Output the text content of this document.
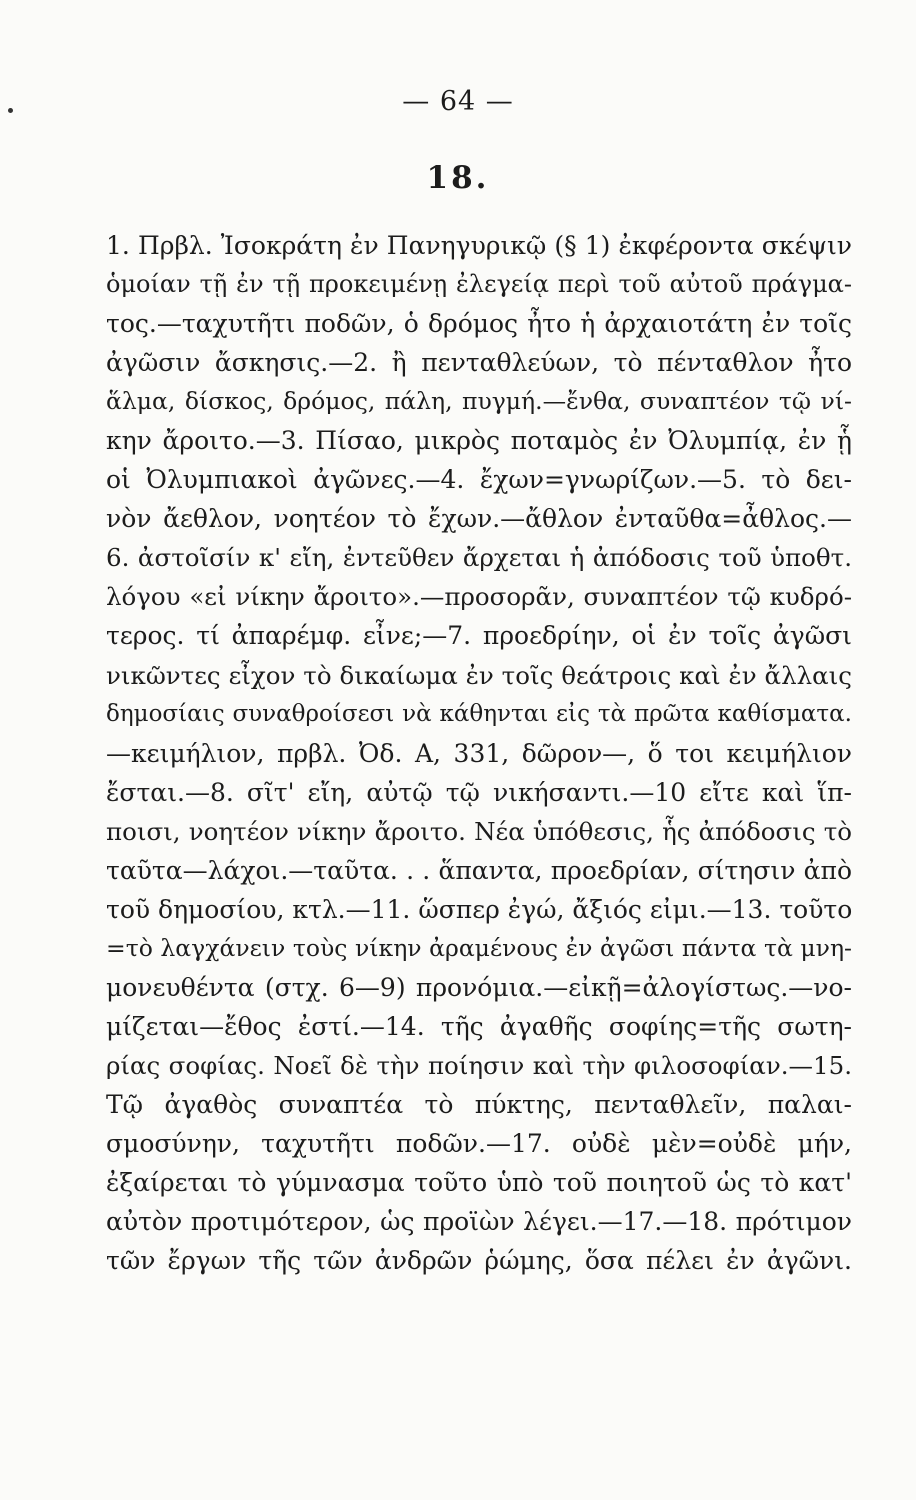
— 64 —
18.
1. Πρβλ. Ἰσοκράτη ἐν Πανηγυρικῷ (§ 1) ἐκφέροντα σκέψιν
ὁμοίαν τῇ ἐν τῇ προκειμένῃ ἐλεγείᾳ περὶ τοῦ αὐτοῦ πράγμα-
τος.—ταχυτῆτι ποδῶν, ὁ δρόμος ἦτο ἡ ἀρχαιοτάτη ἐν τοῖς
ἀγῶσιν ἄσκησις.—2. ἢ πενταθλεύων, τὸ πένταθλον ἦτο
ἅλμα, δίσκος, δρόμος, πάλη, πυγμή.—ἔνθα, συναπτέον τῷ νί-
κην ἄροιτο.—3. Πίσαο, μικρὸς ποταμὸς ἐν Ὀλυμπίᾳ, ἐν ᾗ
οἱ Ὀλυμπιακοὶ ἀγῶνες.—4. ἔχων=γνωρίζων.—5. τὸ δει-
νὸν ἄεθλον, νοητέον τὸ ἔχων.—ἄθλον ἐνταῦθα=ἆθλος.—
6. ἀστοῖσίν κ' εἴη, ἐντεῦθεν ἄρχεται ἡ ἀπόδοσις τοῦ ὑποθτ.
λόγου «εἰ νίκην ἄροιτο».—προσορᾶν, συναπτέον τῷ κυδρό-
τερος. τί ἀπαρέμφ. εἶνε;—7. προεδρίην, οἱ ἐν τοῖς ἀγῶσι
νικῶντες εἶχον τὸ δικαίωμα ἐν τοῖς θεάτροις καὶ ἐν ἄλλαις
δημοσίαις συναθροίσεσι νὰ κάθηνται εἰς τὰ πρῶτα καθίσματα.
—κειμήλιον, πρβλ. Ὀδ. Α, 331, δῶρον—, ὅ τοι κειμήλιον
ἔσται.—8. σῖτ' εἴη, αὐτῷ τῷ νικήσαντι.—10 εἴτε καὶ ἵπ-
ποισι, νοητέον νίκην ἄροιτο. Νέα ὑπόθεσις, ἧς ἀπόδοσις τὸ
ταῦτα—λάχοι.—ταῦτα. . . ἅπαντα, προεδρίαν, σίτησιν ἀπὸ
τοῦ δημοσίου, κτλ.—11. ὥσπερ ἐγώ, ἄξιός εἰμι.—13. τοῦτο
=τὸ λαγχάνειν τοὺς νίκην ἀραμένους ἐν ἀγῶσι πάντα τὰ μνη-
μονευθέντα (στχ. 6—9) προνόμια.—εἰκῇ=ἀλογίστως.—νο-
μίζεται—ἔθος ἐστί.—14. τῆς ἀγαθῆς σοφίης=τῆς σωτη-
ρίας σοφίας. Νοεῖ δὲ τὴν ποίησιν καὶ τὴν φιλοσοφίαν.—15.
Τῷ ἀγαθὸς συναπτέα τὸ πύκτης, πενταθλεῖν, παλαι-
σμοσύνην, ταχυτῆτι ποδῶν.—17. οὐδὲ μὲν=οὐδὲ μήν,
ἐξαίρεται τὸ γύμνασμα τοῦτο ὑπὸ τοῦ ποιητοῦ ὡς τὸ κατ'
αὐτὸν προτιμότερον, ὡς προϊὼν λέγει.—17.—18. πρότιμον
τῶν ἔργων τῆς τῶν ἀνδρῶν ῥώμης, ὅσα πέλει ἐν ἀγῶνι.
